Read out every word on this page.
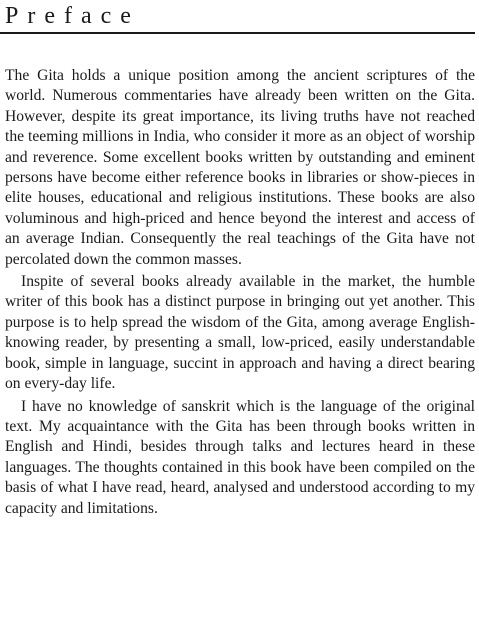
Preface

The Gita holds a unique position among the ancient scriptures of the world. Numerous commentaries have already been written on the Gita. However, despite its great importance, its living truths have not reached the teeming millions in India, who consider it more as an object of worship and reverence. Some excellent books written by outstanding and eminent persons have become either reference books in libraries or show-pieces in elite houses, educational and religious institutions. These books are also voluminous and high-priced and hence beyond the interest and access of an average Indian. Consequently the real teachings of the Gita have not percolated down the common masses.

Inspite of several books already available in the market, the humble writer of this book has a distinct purpose in bringing out yet another. This purpose is to help spread the wisdom of the Gita, among average English-knowing reader, by presenting a small, low-priced, easily understandable book, simple in language, succint in approach and having a direct bearing on every-day life.

I have no knowledge of sanskrit which is the language of the original text. My acquaintance with the Gita has been through books written in English and Hindi, besides through talks and lectures heard in these languages. The thoughts contained in this book have been compiled on the basis of what I have read, heard, analysed and understood according to my capacity and limitations.
